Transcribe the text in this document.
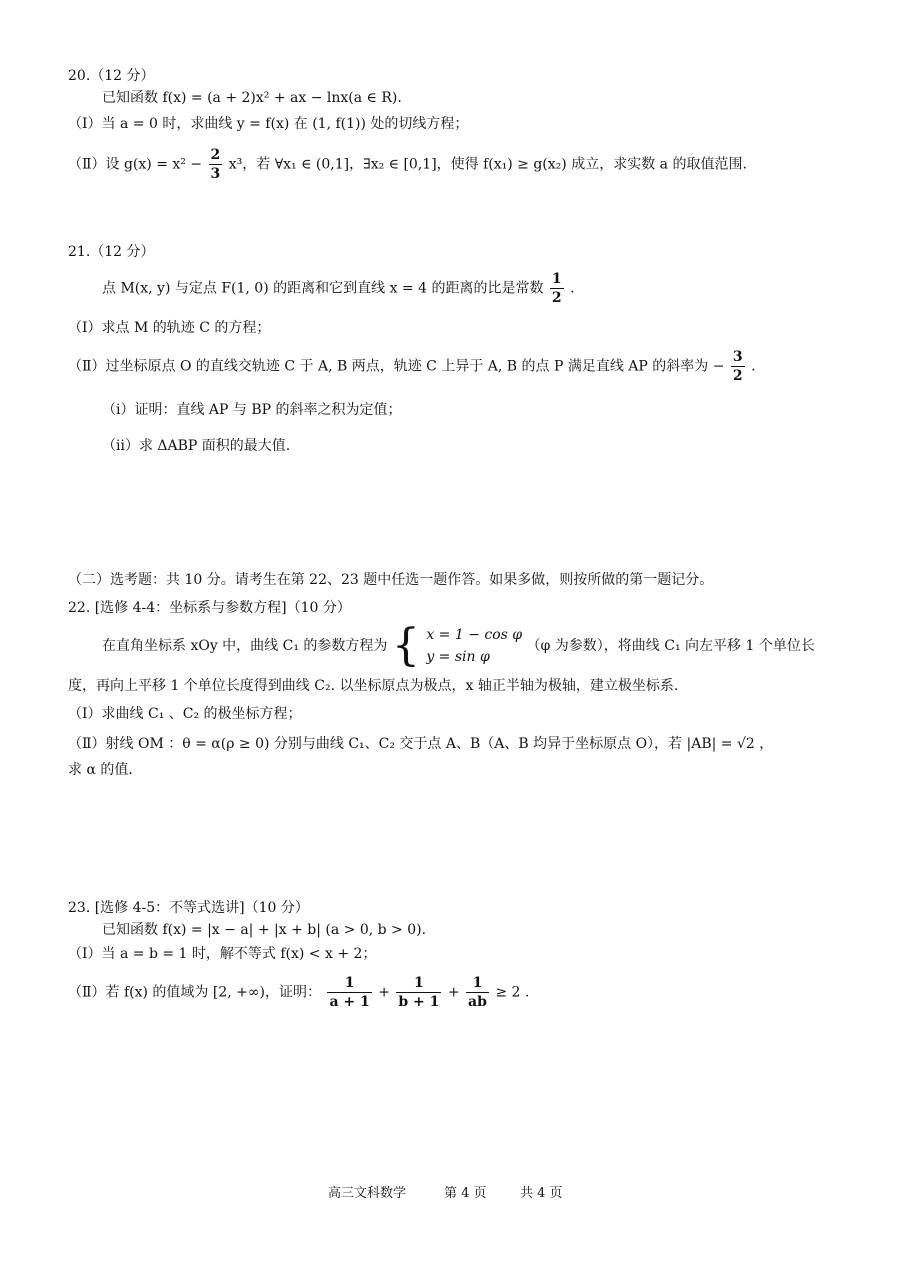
20.（12 分）
已知函数 f(x) = (a + 2)x² + ax − lnx(a ∈ R).
（Ⅰ）当 a = 0 时，求曲线 y = f(x) 在 (1, f(1)) 处的切线方程；
（Ⅱ）设 $g(x) = x^2 - \frac{2}{3} x^3$，若 ∀x₁ ∈ (0,1]，∃x₂ ∈ [0,1]，使得 f(x₁) ≥ g(x₂) 成立，求实数 a 的取值范围.
21.（12 分）
点 M(x, y) 与定点 F(1, 0) 的距离和它到直线 x = 4 的距离的比是常数 $\frac{1}{2}$ .
（Ⅰ）求点 M 的轨迹 C 的方程；
（Ⅱ）过坐标原点 O 的直线交轨迹 C 于 A, B 两点，轨迹 C 上异于 A, B 的点 P 满足直线 AP 的斜率为 − $\frac{3}{2}$ .
（ⅰ）证明：直线 AP 与 BP 的斜率之积为定值；
（ⅱ）求 ΔABP 面积的最大值.
（二）选考题：共 10 分。请考生在第 22、23 题中任选一题作答。如果多做，则按所做的第一题记分。
22. [选修 4-4：坐标系与参数方程]（10 分）
在直角坐标系 xOy 中，曲线 C₁ 的参数方程为 { x = 1 − cos φ
y = sin φ
（φ 为参数），将曲线 C₁ 向左平移 1 个单位长
度，再向上平移 1 个单位长度得到曲线 C₂. 以坐标原点为极点，x 轴正半轴为极轴，建立极坐标系.
（Ⅰ）求曲线 C₁ 、C₂ 的极坐标方程；
（Ⅱ）射线 OM ：θ = α(ρ ≥ 0) 分别与曲线 C₁、C₂ 交于点 A、B（A、B 均异于坐标原点 O），若 |AB| = √2 ，
求 α 的值.
23. [选修 4-5：不等式选讲]（10 分）
已知函数 f(x) = |x − a| + |x + b| (a > 0, b > 0).
（Ⅰ）当 a = b = 1 时，解不等式 f(x) < x + 2；
（Ⅱ）若 f(x) 的值域为 [2, +∞)，证明： $\frac{1}{a + 1} + \frac{1}{b + 1} + \frac{1}{ab} \ge 2$ .
高三文科数学	第 4 页	共 4 页
